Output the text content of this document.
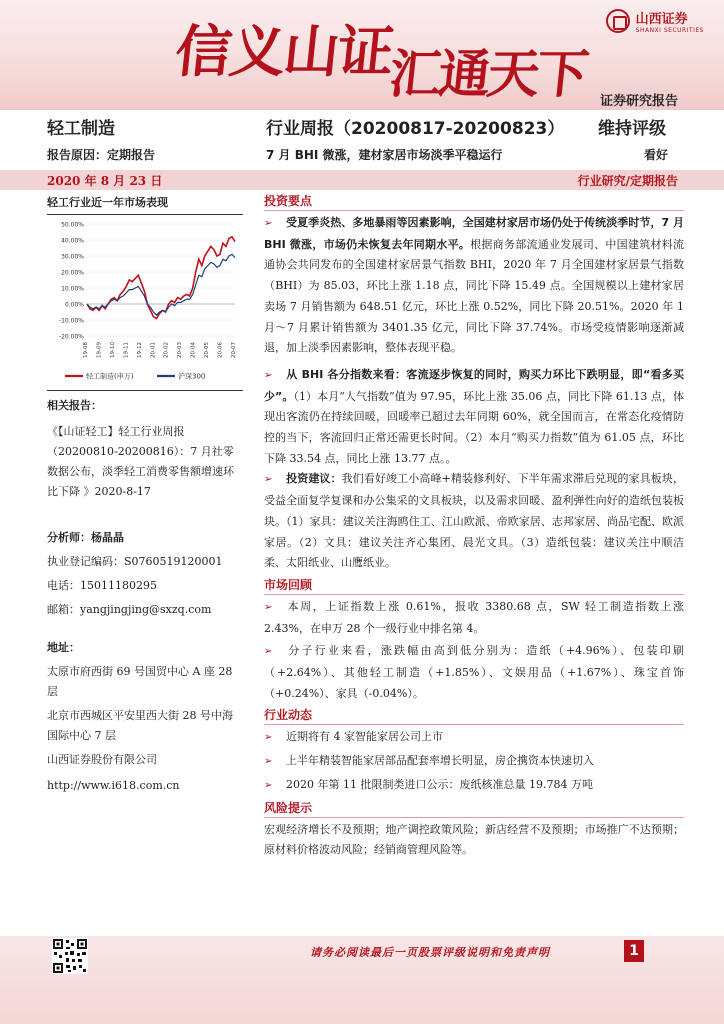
信义山证
汇通天下
山西证券
SHANXI SECURITIES
证券研究报告
轻工制造	行业周报（20200817-20200823） 维持评级
报告原因：定期报告	7 月 BHI 微涨，建材家居市场淡季平稳运行	看好
2020 年 8 月 23 日	行业研究/定期报告
轻工行业近一年市场表现
50.00%
40.00%
30.00%
20.00%
10.00%
0.00%
-10.00%
-20.00%
19-08 19-09 19-10 19-11 19-12 20-01 20-02 20-03 20-04 20-05 20-06 20-07
轻工制造(申万)	沪深300
相关报告：
《【山证轻工】轻工行业周报（20200810-20200816）：7 月社零数据公布，淡季轻工消费零售额增速环比下降 》2020-8-17
分析师：杨晶晶
执业登记编码：S0760519120001
电话：15011180295
邮箱：yangjingjing@sxzq.com
地址：
太原市府西街 69 号国贸中心 A 座 28 层
北京市西城区平安里西大街 28 号中海国际中心 7 层
山西证券股份有限公司
http://www.i618.com.cn
投资要点
➢ 受夏季炎热、多地暴雨等因素影响，全国建材家居市场仍处于传统淡季时节，7 月 BHI 微涨，市场仍未恢复去年同期水平。根据商务部流通业发展司、中国建筑材料流通协会共同发布的全国建材家居景气指数 BHI，2020 年 7 月全国建材家居景气指数（BHI）为 85.03，环比上涨 1.18 点，同比下降 15.49 点。全国规模以上建材家居卖场 7 月销售额为 648.51 亿元，环比上涨 0.52%，同比下降 20.51%。2020 年 1 月～7 月累计销售额为 3401.35 亿元，同比下降 37.74%。市场受疫情影响逐渐减退，加上淡季因素影响，整体表现平稳。
➢ 从 BHI 各分指数来看：客流逐步恢复的同时，购买力环比下跌明显，即“看多买少”。（1）本月“人气指数”值为 97.95，环比上涨 35.06 点，同比下降 61.13 点，体现出客流仍在持续回暖，回暖率已超过去年同期 60%，就全国而言，在常态化疫情防控的当下，客流回归正常还需更长时间。（2）本月“购买力指数”值为 61.05 点，环比下降 33.54 点，同比上涨 13.77 点。。
➢ 投资建议：我们看好竣工小高峰+精装修利好、下半年需求滞后兑现的家具板块，受益全面复学复课和办公集采的文具板块，以及需求回暖、盈利弹性向好的造纸包装板块。（1）家具：建议关注海鸥住工、江山欧派、帝欧家居、志邦家居、尚品宅配、欧派家居。（2）文具：建议关注齐心集团、晨光文具。（3）造纸包装：建议关注中顺洁柔、太阳纸业、山鹰纸业。
市场回顾
➢ 本周，上证指数上涨 0.61%，报收 3380.68 点，SW 轻工制造指数上涨 2.43%，在申万 28 个一级行业中排名第 4。
➢ 分子行业来看，涨跌幅由高到低分别为：造纸（+4.96%）、包装印刷（+2.64%）、其他轻工制造（+1.85%）、文娱用品（+1.67%）、珠宝首饰（+0.24%）、家具（-0.04%）。
行业动态
➢ 近期将有 4 家智能家居公司上市
➢ 上半年精装智能家居部品配套率增长明显，房企携资本快速切入
➢ 2020 年第 11 批限制类进口公示：废纸核准总量 19.784 万吨
风险提示
宏观经济增长不及预期；地产调控政策风险；新店经营不及预期；市场推广不达预期；原材料价格波动风险；经销商管理风险等。
请务必阅读最后一页股票评级说明和免责声明	1
